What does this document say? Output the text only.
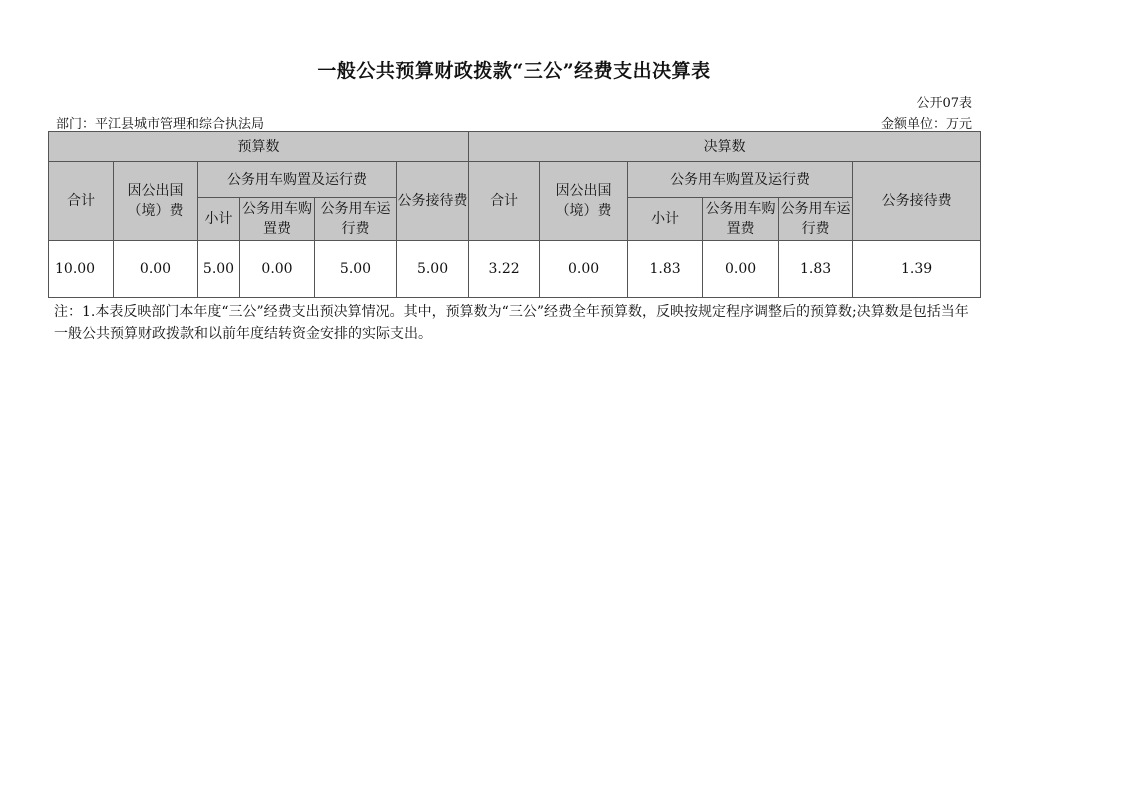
一般公共预算财政拨款“三公”经费支出决算表
公开07表
部门：平江县城市管理和综合执法局	金额单位：万元
预算数						决算数					
合计	因公出国（境）费	公务用车购置及运行费			公务接待费	合计	因公出国（境）费	公务用车购置及运行费			公务接待费
		小计	公务用车购置费	公务用车运行费				小计	公务用车购置费	公务用车运行费	
10.00	0.00	5.00	0.00	5.00	5.00	3.22	0.00	1.83	0.00	1.83	1.39
注：1.本表反映部门本年度“三公”经费支出预决算情况。其中，预算数为“三公”经费全年预算数，反映按规定程序调整后的预算数;决算数是包括当年一般公共预算财政拨款和以前年度结转资金安排的实际支出。
